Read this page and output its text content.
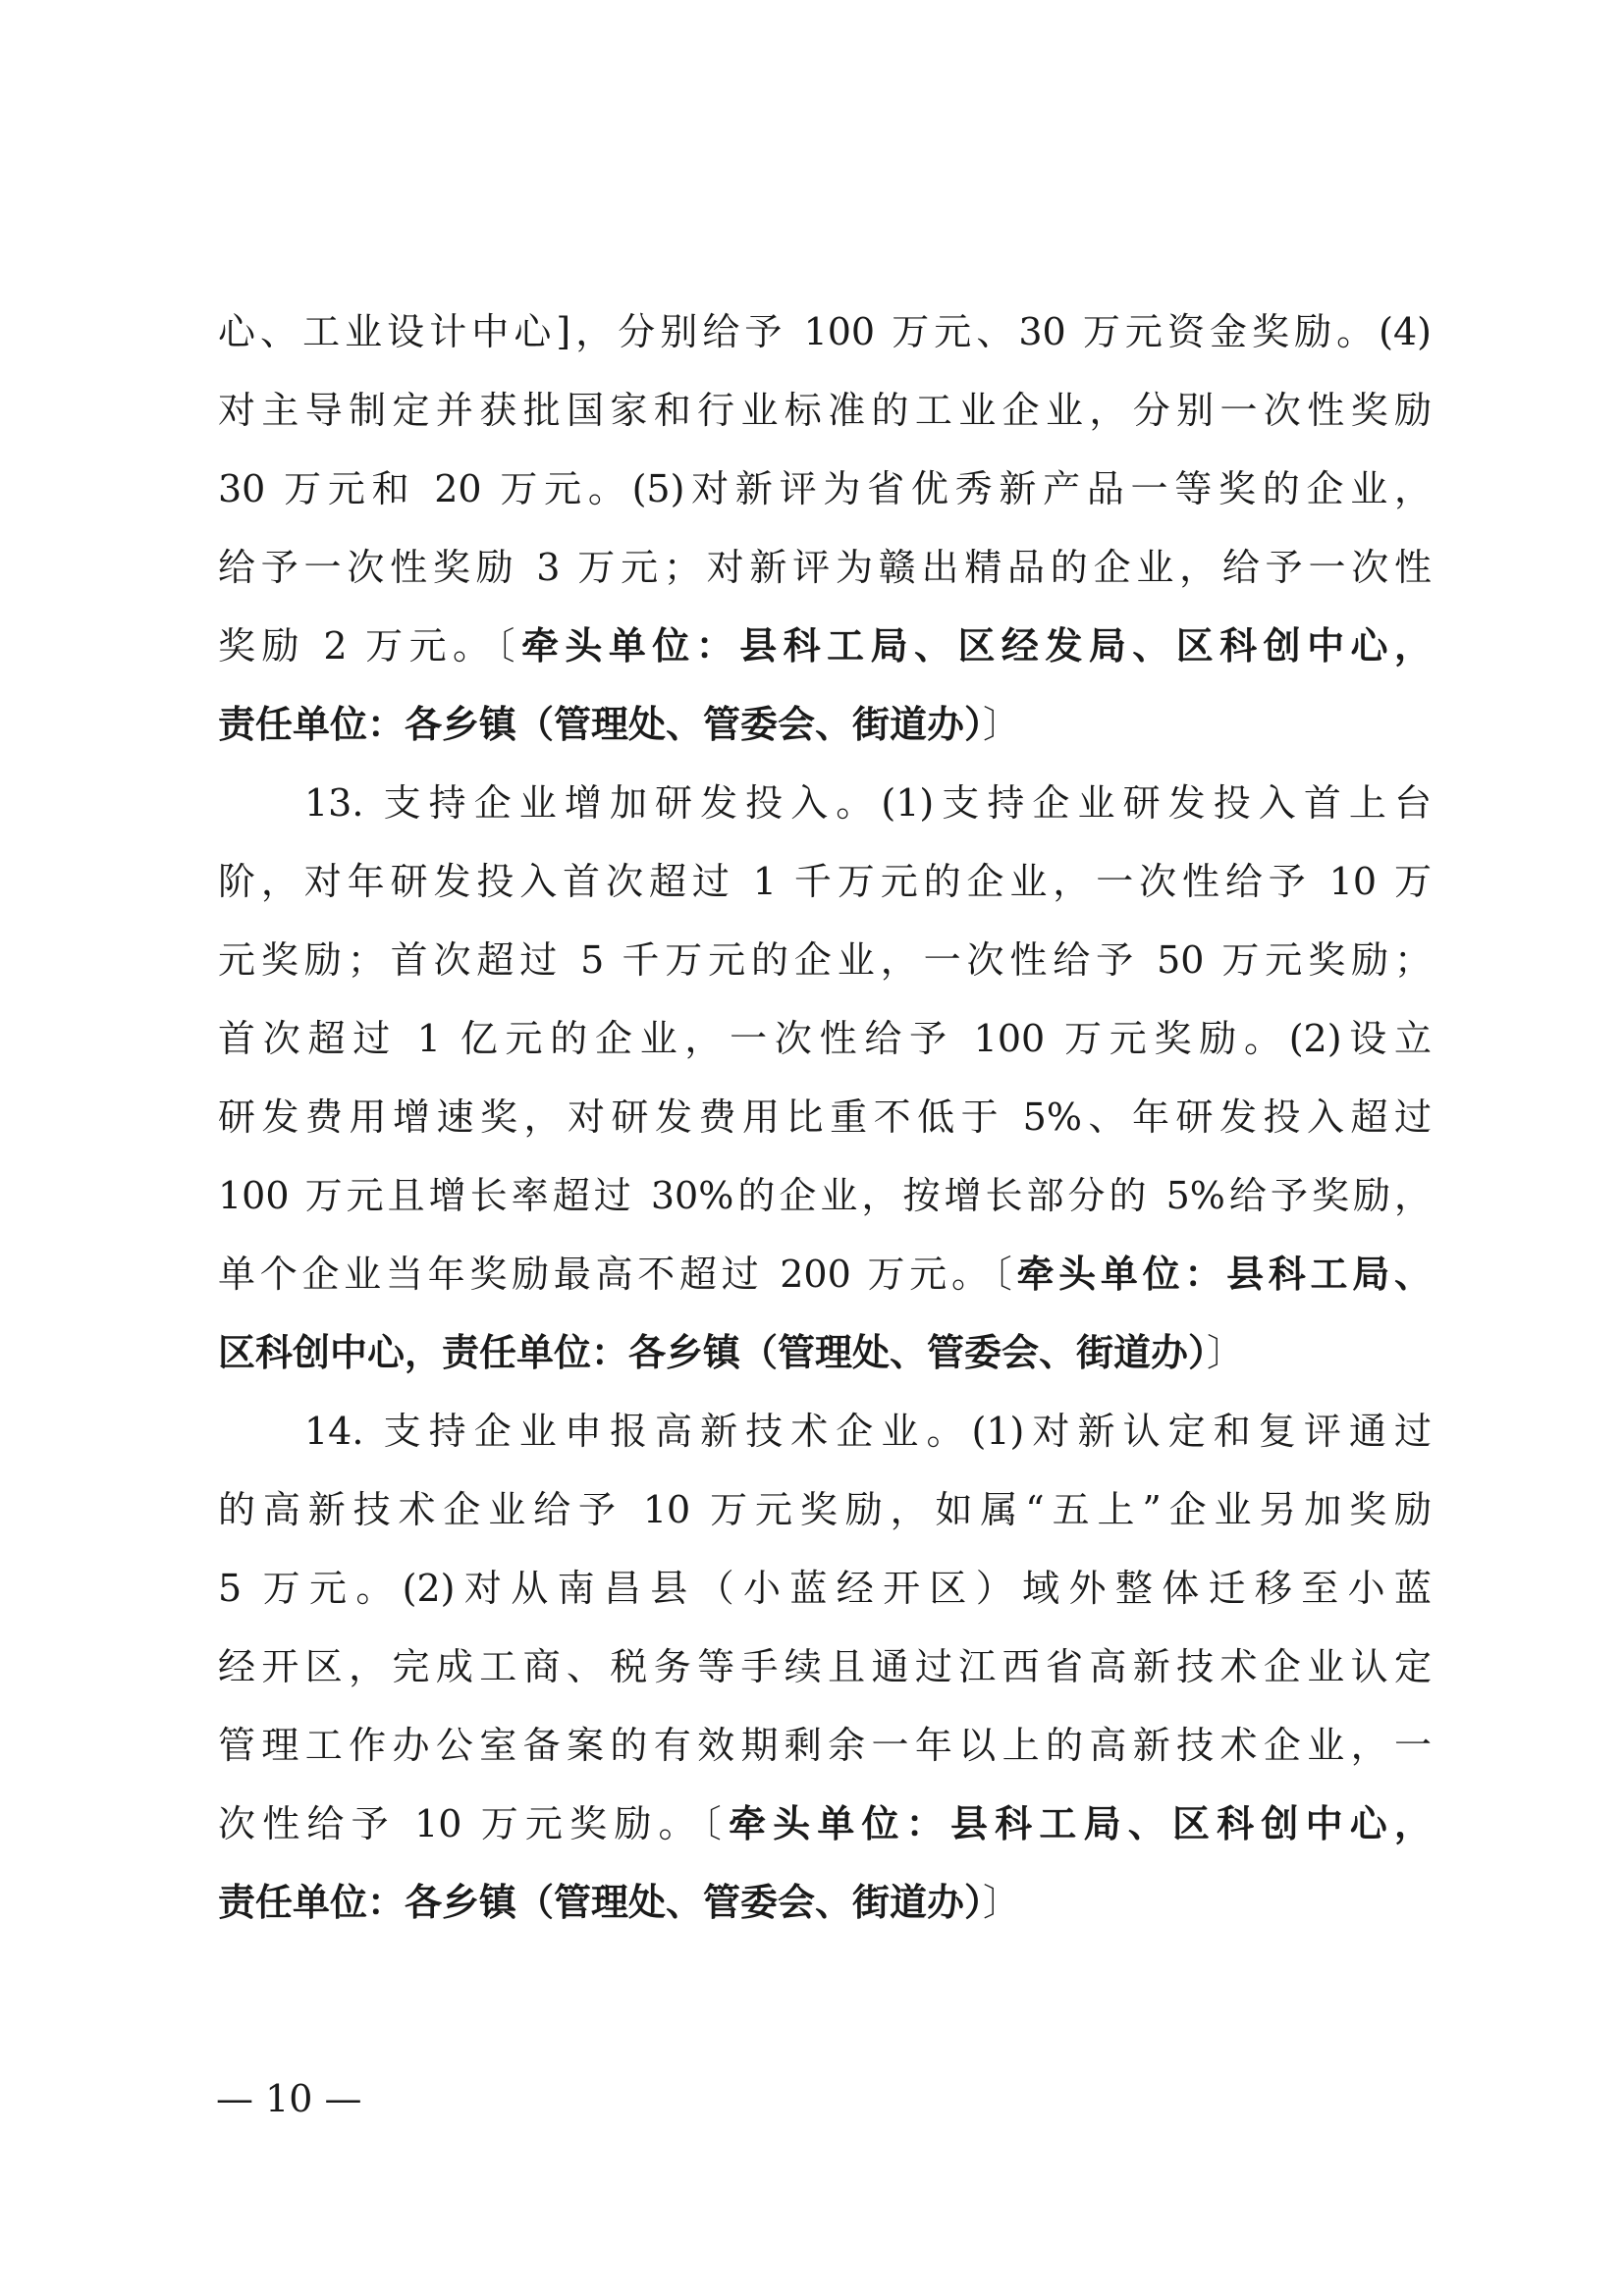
心、工业设计中心]，分别给予 100 万元、30 万元资金奖励。(4)
对主导制定并获批国家和行业标准的工业企业，分别一次性奖励
30 万元和 20 万元。(5)对新评为省优秀新产品一等奖的企业，
给予一次性奖励 3 万元；对新评为赣出精品的企业，给予一次性
奖励 2 万元。〔牵头单位：县科工局、区经发局、区科创中心，
责任单位：各乡镇（管理处、管委会、街道办）〕
13. 支持企业增加研发投入。(1)支持企业研发投入首上台
阶，对年研发投入首次超过 1 千万元的企业，一次性给予 10 万
元奖励；首次超过 5 千万元的企业，一次性给予 50 万元奖励；
首次超过 1 亿元的企业，一次性给予 100 万元奖励。(2)设立
研发费用增速奖，对研发费用比重不低于 5%、年研发投入超过
100 万元且增长率超过 30%的企业，按增长部分的 5%给予奖励，
单个企业当年奖励最高不超过 200 万元。〔牵头单位：县科工局、
区科创中心，责任单位：各乡镇（管理处、管委会、街道办）〕
14. 支持企业申报高新技术企业。(1)对新认定和复评通过
的高新技术企业给予 10 万元奖励，如属“五上”企业另加奖励
5 万元。(2)对从南昌县（小蓝经开区）域外整体迁移至小蓝
经开区，完成工商、税务等手续且通过江西省高新技术企业认定
管理工作办公室备案的有效期剩余一年以上的高新技术企业，一
次性给予 10 万元奖励。〔牵头单位：县科工局、区科创中心，
责任单位：各乡镇（管理处、管委会、街道办）〕
— 10 —
